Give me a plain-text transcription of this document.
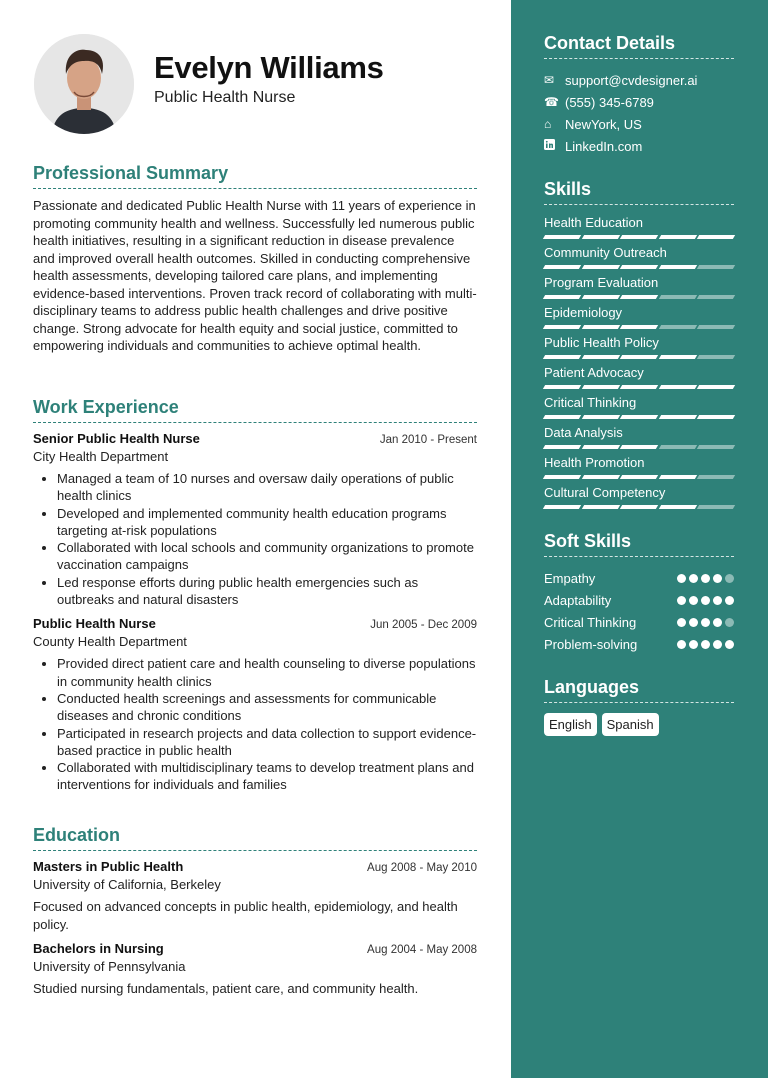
Evelyn Williams
Public Health Nurse
Professional Summary

Passionate and dedicated Public Health Nurse with 11 years of experience in promoting community health and wellness. Successfully led numerous public health initiatives, resulting in a significant reduction in disease prevalence and improved overall health outcomes. Skilled in conducting comprehensive health assessments, developing tailored care plans, and implementing evidence-based interventions. Proven track record of collaborating with multi-disciplinary teams to address public health challenges and drive positive change. Strong advocate for health equity and social justice, committed to empowering individuals and communities to achieve optimal health.

Work Experience
Senior Public Health Nurse	Jan 2010 - Present
City Health Department
• Managed a team of 10 nurses and oversaw daily operations of public health clinics
• Developed and implemented community health education programs targeting at-risk populations
• Collaborated with local schools and community organizations to promote vaccination campaigns
• Led response efforts during public health emergencies such as outbreaks and natural disasters
Public Health Nurse	Jun 2005 - Dec 2009
County Health Department
• Provided direct patient care and health counseling to diverse populations in community health clinics
• Conducted health screenings and assessments for communicable diseases and chronic conditions
• Participated in research projects and data collection to support evidence-based practice in public health
• Collaborated with multidisciplinary teams to develop treatment plans and interventions for individuals and families
Education
Masters in Public Health	Aug 2008 - May 2010
University of California, Berkeley

Focused on advanced concepts in public health, epidemiology, and health policy.

Bachelors in Nursing	Aug 2004 - May 2008
University of Pennsylvania

Studied nursing fundamentals, patient care, and community health.

Contact Details
✉ support@cvdesigner.ai
☎ (555) 345-6789
⌂	NewYork, US
LinkedIn.com
Skills
Health Education
Community Outreach
Program Evaluation
Epidemiology
Public Health Policy
Patient Advocacy
Critical Thinking
Data Analysis
Health Promotion
Cultural Competency
Soft Skills
Empathy
Adaptability
Critical Thinking
Problem-solving
Languages
English	Spanish
